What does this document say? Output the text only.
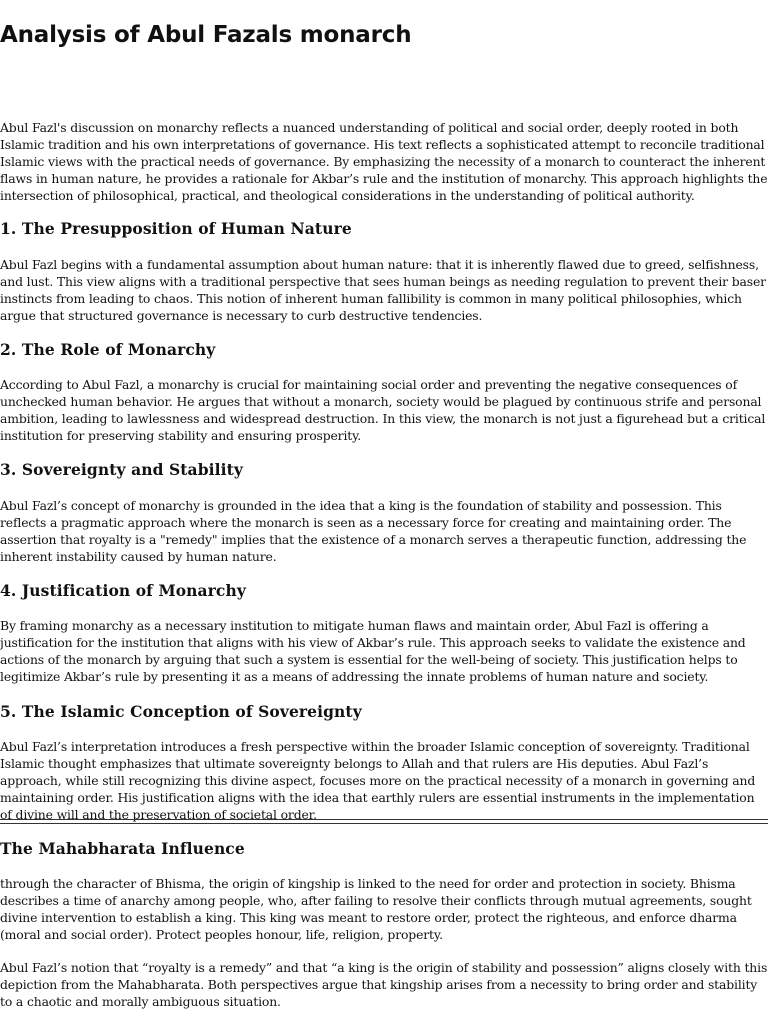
Analysis of Abul Fazals monarch

Abul Fazl's discussion on monarchy reflects a nuanced understanding of political and social order, deeply rooted in both Islamic tradition and his own interpretations of governance. His text reflects a sophisticated attempt to reconcile traditional Islamic views with the practical needs of governance. By emphasizing the necessity of a monarch to counteract the inherent flaws in human nature, he provides a rationale for Akbar’s rule and the institution of monarchy. This approach highlights the intersection of philosophical, practical, and theological considerations in the understanding of political authority.

1. The Presupposition of Human Nature

Abul Fazl begins with a fundamental assumption about human nature: that it is inherently flawed due to greed, selfishness, and lust. This view aligns with a traditional perspective that sees human beings as needing regulation to prevent their baser instincts from leading to chaos. This notion of inherent human fallibility is common in many political philosophies, which argue that structured governance is necessary to curb destructive tendencies.

2. The Role of Monarchy

According to Abul Fazl, a monarchy is crucial for maintaining social order and preventing the negative consequences of unchecked human behavior. He argues that without a monarch, society would be plagued by continuous strife and personal ambition, leading to lawlessness and widespread destruction. In this view, the monarch is not just a figurehead but a critical institution for preserving stability and ensuring prosperity.

3. Sovereignty and Stability

Abul Fazl’s concept of monarchy is grounded in the idea that a king is the foundation of stability and possession. This reflects a pragmatic approach where the monarch is seen as a necessary force for creating and maintaining order. The assertion that royalty is a "remedy" implies that the existence of a monarch serves a therapeutic function, addressing the inherent instability caused by human nature.

4. Justification of Monarchy

By framing monarchy as a necessary institution to mitigate human flaws and maintain order, Abul Fazl is offering a justification for the institution that aligns with his view of Akbar’s rule. This approach seeks to validate the existence and actions of the monarch by arguing that such a system is essential for the well-being of society. This justification helps to legitimize Akbar’s rule by presenting it as a means of addressing the innate problems of human nature and society.

5. The Islamic Conception of Sovereignty

Abul Fazl’s interpretation introduces a fresh perspective within the broader Islamic conception of sovereignty. Traditional Islamic thought emphasizes that ultimate sovereignty belongs to Allah and that rulers are His deputies. Abul Fazl’s approach, while still recognizing this divine aspect, focuses more on the practical necessity of a monarch in governing and maintaining order. His justification aligns with the idea that earthly rulers are essential instruments in the implementation of divine will and the preservation of societal order.

The Mahabharata Influence

through the character of Bhisma, the origin of kingship is linked to the need for order and protection in society. Bhisma describes a time of anarchy among people, who, after failing to resolve their conflicts through mutual agreements, sought divine intervention to establish a king. This king was meant to restore order, protect the righteous, and enforce dharma (moral and social order). Protect peoples honour, life, religion, property.

Abul Fazl’s notion that “royalty is a remedy” and that “a king is the origin of stability and possession” aligns closely with this depiction from the Mahabharata. Both perspectives argue that kingship arises from a necessity to bring order and stability to a chaotic and morally ambiguous situation.
